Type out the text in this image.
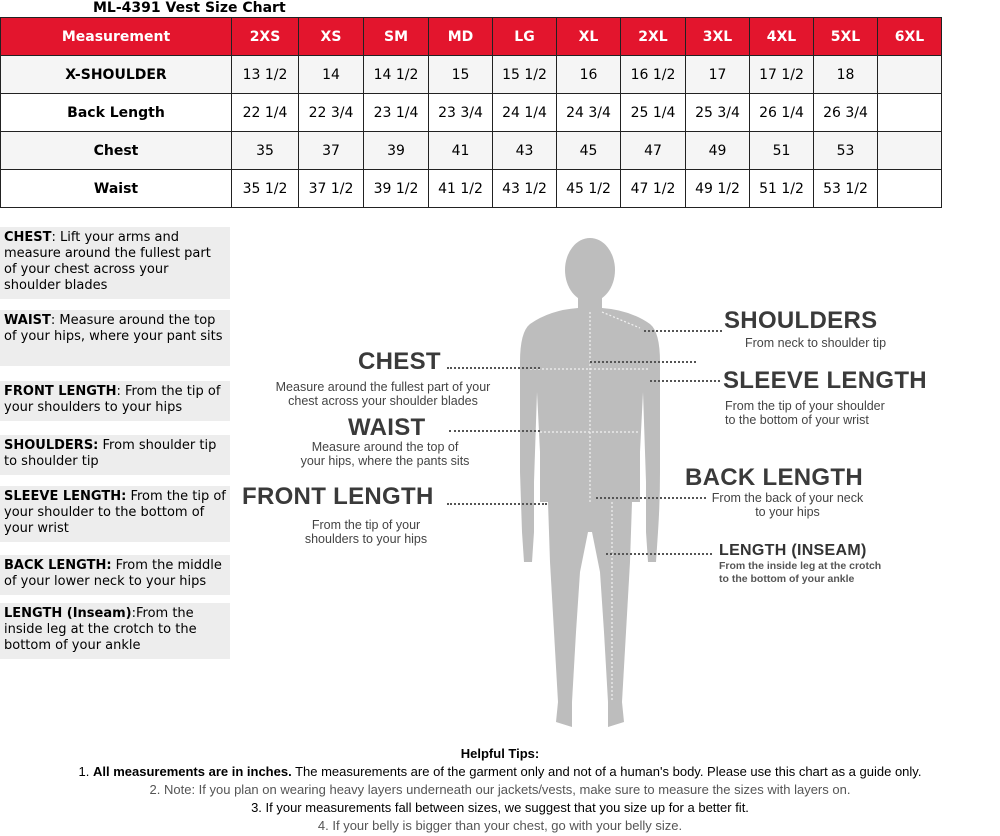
ML-4391 Vest Size Chart
Measurement	2XS	XS	SM	MD	LG	XL	2XL	3XL	4XL	5XL	6XL
X-SHOULDER	13 1/2	14	14 1/2	15	15 1/2	16	16 1/2	17	17 1/2	18	
Back Length	22 1/4	22 3/4	23 1/4	23 3/4	24 1/4	24 3/4	25 1/4	25 3/4	26 1/4	26 3/4	
Chest	35	37	39	41	43	45	47	49	51	53	
Waist	35 1/2	37 1/2	39 1/2	41 1/2	43 1/2	45 1/2	47 1/2	49 1/2	51 1/2	53 1/2	
CHEST: Lift your arms and measure around the fullest part of your chest across your shoulder blades
WAIST: Measure around the top of your hips, where your pant sits
FRONT LENGTH: From the tip of your shoulders to your hips
SHOULDERS: From shoulder tip to shoulder tip
SLEEVE LENGTH: From the tip of your shoulder to the bottom of your wrist
BACK LENGTH: From the middle of your lower neck to your hips
LENGTH (Inseam):From the inside leg at the crotch to the bottom of your ankle
CHEST
Measure around the fullest part of your
chest across your shoulder blades
WAIST
Measure around the top of
your hips, where the pants sits
FRONT LENGTH
From the tip of your
shoulders to your hips
SHOULDERS
From neck to shoulder tip
SLEEVE LENGTH
From the tip of your shoulder
to the bottom of your wrist
BACK LENGTH
From the back of your neck
to your hips
LENGTH (INSEAM)
From the inside leg at the crotch
to the bottom of your ankle
Helpful Tips:
1. All measurements are in inches. The measurements are of the garment only and not of a human's body. Please use this chart as a guide only.
2. Note: If you plan on wearing heavy layers underneath our jackets/vests, make sure to measure the sizes with layers on.
3. If your measurements fall between sizes, we suggest that you size up for a better fit.
4. If your belly is bigger than your chest, go with your belly size.
